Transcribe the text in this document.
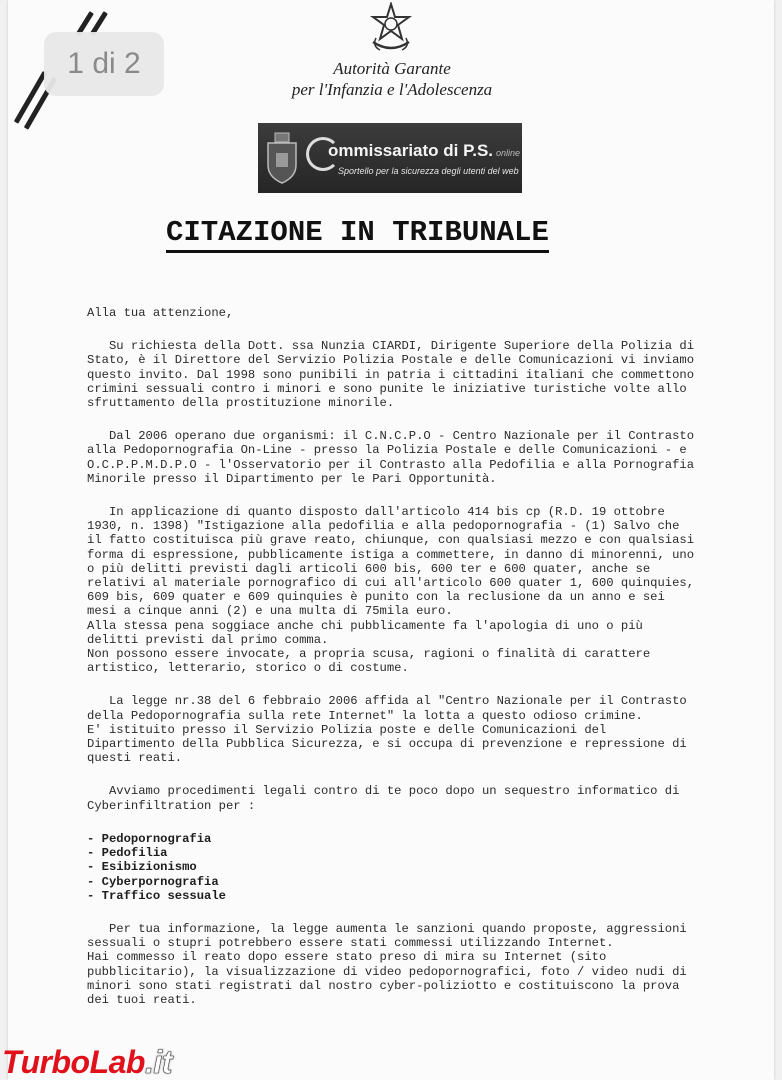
Autorità Garante
per l'Infanzia e l'Adolescenza
ommissariato di P.S. online
Sportello per la sicurezza degli utenti del web
CITAZIONE IN TRIBUNALE

Alla tua attenzione,

Su richiesta della Dott. ssa Nunzia CIARDI, Dirigente Superiore della Polizia di
Stato, è il Direttore del Servizio Polizia Postale e delle Comunicazioni vi inviamo
questo invito. Dal 1998 sono punibili in patria i cittadini italiani che commettono
crimini sessuali contro i minori e sono punite le iniziative turistiche volte allo
sfruttamento della prostituzione minorile.

Dal 2006 operano due organismi: il C.N.C.P.O - Centro Nazionale per il Contrasto
alla Pedopornografia On-Line - presso la Polizia Postale e delle Comunicazioni - e
O.C.P.P.M.D.P.O - l'Osservatorio per il Contrasto alla Pedofilia e alla Pornografia
Minorile presso il Dipartimento per le Pari Opportunità.

In applicazione di quanto disposto dall'articolo 414 bis cp (R.D. 19 ottobre
1930, n. 1398) "Istigazione alla pedofilia e alla pedopornografia - (1) Salvo che
il fatto costituisca più grave reato, chiunque, con qualsiasi mezzo e con qualsiasi
forma di espressione, pubblicamente istiga a commettere, in danno di minorenni, uno
o più delitti previsti dagli articoli 600 bis, 600 ter e 600 quater, anche se
relativi al materiale pornografico di cui all'articolo 600 quater 1, 600 quinquies,
609 bis, 609 quater e 609 quinquies è punito con la reclusione da un anno e sei
mesi a cinque anni (2) e una multa di 75mila euro.
Alla stessa pena soggiace anche chi pubblicamente fa l'apologia di uno o più
delitti previsti dal primo comma.
Non possono essere invocate, a propria scusa, ragioni o finalità di carattere
artistico, letterario, storico o di costume.

La legge nr.38 del 6 febbraio 2006 affida al "Centro Nazionale per il Contrasto
della Pedopornografia sulla rete Internet" la lotta a questo odioso crimine.
E' istituito presso il Servizio Polizia poste e delle Comunicazioni del
Dipartimento della Pubblica Sicurezza, e si occupa di prevenzione e repressione di
questi reati.

Avviamo procedimenti legali contro di te poco dopo un sequestro informatico di
Cyberinfiltration per :

- Pedopornografia
- Pedofilia
- Esibizionismo
- Cyberpornografia
- Traffico sessuale

Per tua informazione, la legge aumenta le sanzioni quando proposte, aggressioni
sessuali o stupri potrebbero essere stati commessi utilizzando Internet.
Hai commesso il reato dopo essere stato preso di mira su Internet (sito
pubblicitario), la visualizzazione di video pedopornografici, foto / video nudi di
minori sono stati registrati dal nostro cyber-poliziotto e costituiscono la prova
dei tuoi reati.

1 di 2
TurboLab.it
